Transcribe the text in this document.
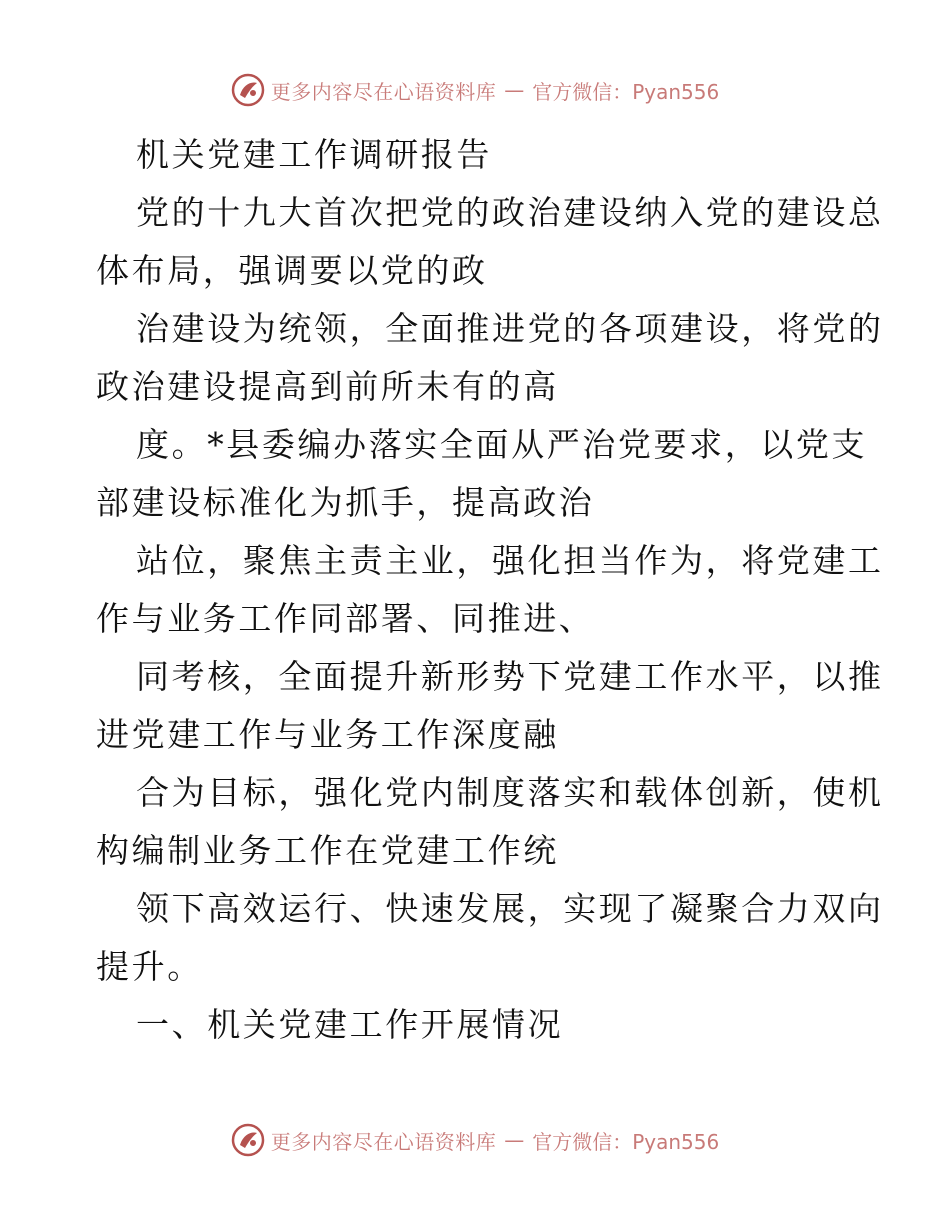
更多内容尽在心语资料库 — 官方微信：Pyan556

机关党建工作调研报告

党的十九大首次把党的政治建设纳入党的建设总
体布局，强调要以党的政

治建设为统领，全面推进党的各项建设，将党的
政治建设提高到前所未有的高

度。*县委编办落实全面从严治党要求，以党支
部建设标准化为抓手，提高政治

站位，聚焦主责主业，强化担当作为，将党建工
作与业务工作同部署、同推进、

同考核，全面提升新形势下党建工作水平，以推
进党建工作与业务工作深度融

合为目标，强化党内制度落实和载体创新，使机
构编制业务工作在党建工作统

领下高效运行、快速发展，实现了凝聚合力双向
提升。

一、机关党建工作开展情况

更多内容尽在心语资料库 — 官方微信：Pyan556
